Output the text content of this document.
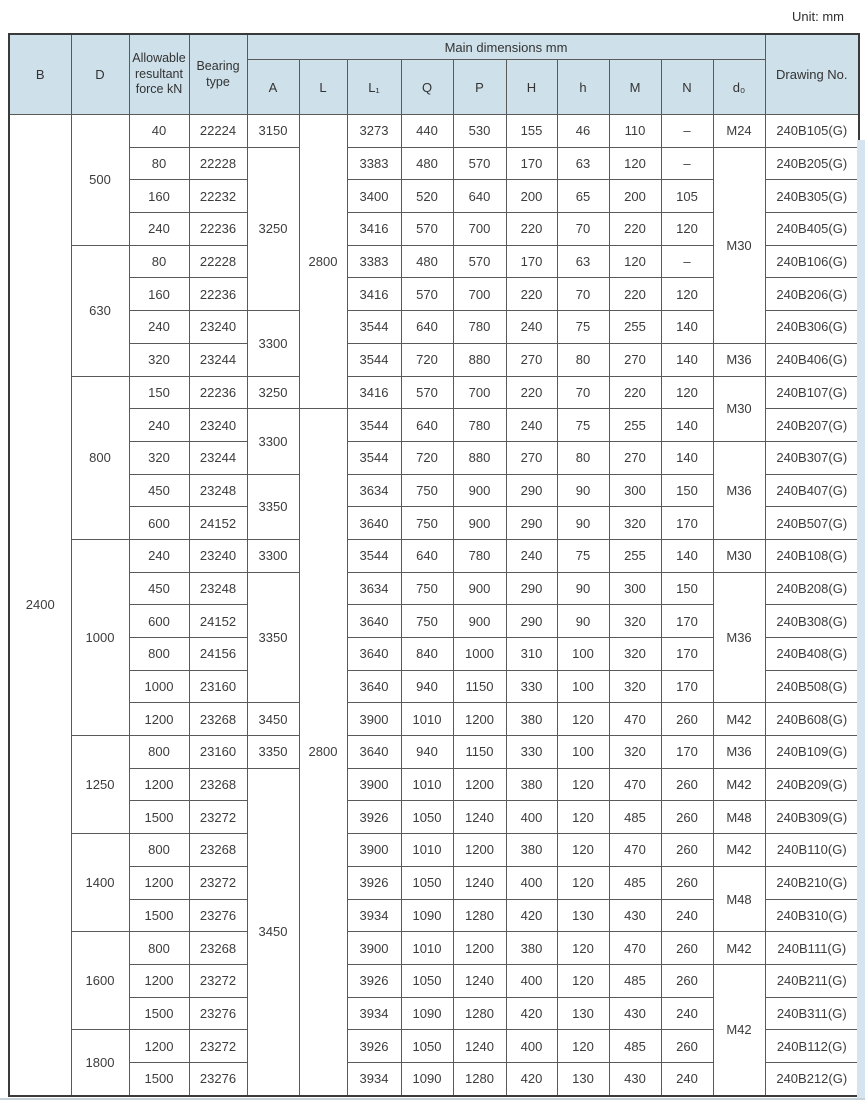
Unit: mm
B	D	Allowable resultant force kN	Bearing type	Main dimensions mm										Drawing No.
				A	L	L₁	Q	P	H	h	M	N	d₀	
2400	500	40	22224	3150	2800	3273	440	530	155	46	110	–	M24	240B105(G)
		80	22228	3250		3383	480	570	170	63	120	–	M30	240B205(G)
		160	22232			3400	520	640	200	65	200	105		240B305(G)
		240	22236			3416	570	700	220	70	220	120		240B405(G)
	630	80	22228			3383	480	570	170	63	120	–		240B106(G)
		160	22236			3416	570	700	220	70	220	120		240B206(G)
		240	23240	3300		3544	640	780	240	75	255	140		240B306(G)
		320	23244			3544	720	880	270	80	270	140	M36	240B406(G)
	800	150	22236	3250		3416	570	700	220	70	220	120	M30	240B107(G)
		240	23240	3300	2800	3544	640	780	240	75	255	140		240B207(G)
		320	23244			3544	720	880	270	80	270	140	M36	240B307(G)
		450	23248	3350		3634	750	900	290	90	300	150		240B407(G)
		600	24152			3640	750	900	290	90	320	170		240B507(G)
	1000	240	23240	3300		3544	640	780	240	75	255	140	M30	240B108(G)
		450	23248	3350		3634	750	900	290	90	300	150	M36	240B208(G)
		600	24152			3640	750	900	290	90	320	170		240B308(G)
		800	24156			3640	840	1000	310	100	320	170		240B408(G)
		1000	23160			3640	940	1150	330	100	320	170		240B508(G)
		1200	23268	3450		3900	1010	1200	380	120	470	260	M42	240B608(G)
	1250	800	23160	3350		3640	940	1150	330	100	320	170	M36	240B109(G)
		1200	23268	3450		3900	1010	1200	380	120	470	260	M42	240B209(G)
		1500	23272			3926	1050	1240	400	120	485	260	M48	240B309(G)
	1400	800	23268			3900	1010	1200	380	120	470	260	M42	240B110(G)
		1200	23272			3926	1050	1240	400	120	485	260	M48	240B210(G)
		1500	23276			3934	1090	1280	420	130	430	240		240B310(G)
	1600	800	23268			3900	1010	1200	380	120	470	260	M42	240B111(G)
		1200	23272			3926	1050	1240	400	120	485	260	M42	240B211(G)
		1500	23276			3934	1090	1280	420	130	430	240		240B311(G)
	1800	1200	23272			3926	1050	1240	400	120	485	260		240B112(G)
		1500	23276			3934	1090	1280	420	130	430	240		240B212(G)
